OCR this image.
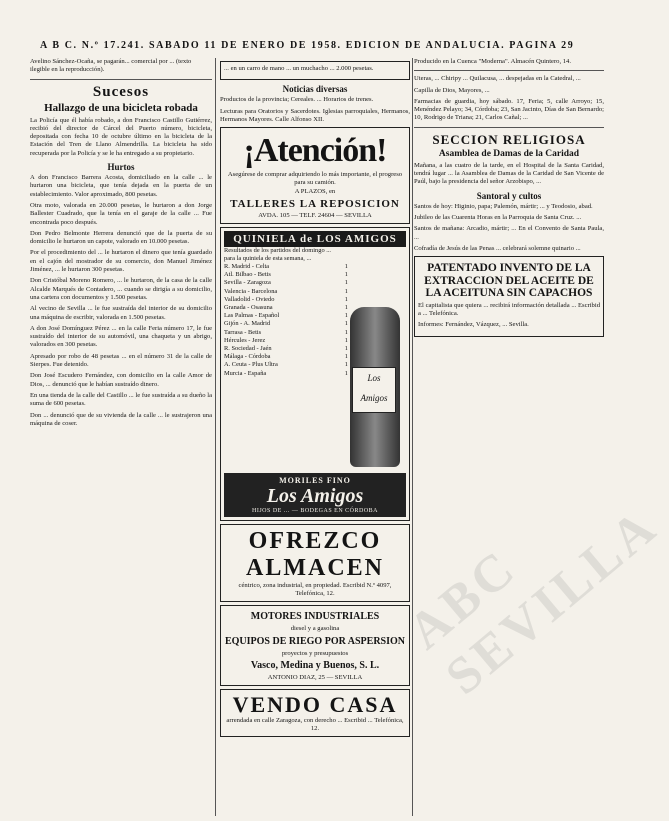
A B C. N.º 17.241. SABADO 11 DE ENERO DE 1958. EDICION DE ANDALUCIA. PAGINA 29

Avelino Sánchez-Ocaña, se pagarán... comercial por ... (texto ilegible en la reproducción).

Sucesos
Hallazgo de una bicicleta robada

La Policía que él había robado, a don Francisco Castillo Gutiérrez, recibió del director de Cárcel del Puerto número, bicicleta, depositada con fecha 10 de octubre último en la bicicleta de la Estación del Tren de Llano Almendrilla. La bicicleta ha sido recuperada por la Policía y se le ha entregado a su propietario.

Hurtos

A don Francisco Barrera Acosta, domiciliado en la calle ... le hurtaron una bicicleta, que tenía dejada en la puerta de un establecimiento. Valor aproximado, 800 pesetas.

Otra moto, valorada en 20.000 pesetas, le hurtaron a don Jorge Ballester Cuadrado, que la tenía en el garaje de la calle ... Fue encontrada poco después.

Don Pedro Belmonte Herrera denunció que de la puerta de su domicilio le hurtaron un capote, valorado en 10.000 pesetas.

Por el procedimiento del ... le hurtaron el dinero que tenía guardado en el cajón del mostrador de su comercio, don Manuel Jiménez Jiménez, ... le hurtaron 300 pesetas.

Don Cristóbal Moreno Romero, ... le hurtaron, de la casa de la calle Alcalde Marqués de Contadero, ... cuando se dirigía a su domicilio, una cartera con documentos y 1.500 pesetas.

Al vecino de Sevilla ... le fue sustraída del interior de su domicilio una máquina de escribir, valorada en 1.500 pesetas.

A don José Domínguez Pérez ... en la calle Feria número 17, le fue sustraído del interior de su automóvil, una chaqueta y un abrigo, valorados en 300 pesetas.

Apresado por robo de 48 pesetas ... en el número 31 de la calle de Sierpes. Fue detenido.

Don José Escudero Fernández, con domicilio en la calle Amor de Dios, ... denunció que le habían sustraído dinero.

En una tienda de la calle del Castillo ... le fue sustraída a su dueño la suma de 600 pesetas.

Don ... denunció que de su vivienda de la calle ... le sustrajeron una máquina de coser.

... en un carro de mano ... un muchacho ... 2.000 pesetas.

Noticias diversas

Productos de la provincia; Cereales. ... Horarios de trenes.

Lecturas para Oratorios y Sacerdotes. Iglesias parroquiales, Hermanos, Hermanos Mayores. Calle Alfonso XII.

¡Atención!
Asegúrese de comprar adquiriendo lo más importante, el progreso para su camión.
A PLAZOS, en
TALLERES LA REPOSICION
AVDA. 105 — TELF. 24604 — SEVILLA
QUINIELA de LOS AMIGOS
Resultados de los partidos del domingo ... para la quiniela de esta semana, ...
R. Madrid - Celta	1
Atl. Bilbao - Betis	1
Sevilla - Zaragoza	1
Valencia - Barcelona	1
Valladolid - Oviedo	1
Granada - Osasuna	1
Las Palmas - Español	1
Gijón - A. Madrid	1
Tarrasa - Betis	1
Hércules - Jerez	1
R. Sociedad - Jaén	1
Málaga - Córdoba	1
A. Ceuta - Plus Ultra	1
Murcia - España	1	Los Amigos
MORILES FINO
Los Amigos
HIJOS DE ... — BODEGAS EN CÓRDOBA
OFREZCO
ALMACEN
céntrico, zona industrial, en propiedad. Escribid N.º 4097, Telefónica, 12.
MOTORES INDUSTRIALES
diesel y a gasolina
EQUIPOS DE RIEGO POR ASPERSION
proyectos y presupuestos
Vasco, Medina y Buenos, S. L.
ANTONIO DIAZ, 25 — SEVILLA
VENDO CASA
arrendada en calle Zaragoza, con derecho ... Escribid ... Telefónica, 12.

Producido en la Cuenca "Moderna". Almacén Quintero, 14.

Uteras, ... Chiripy ... Quilacusa, ... despejadas en la Catedral, ...

Capilla de Dios, Mayores, ...

Farmacias de guardia, hoy sábado. 17, Feria; 5, calle Arroyo; 15, Menéndez Pelayo; 34, Córdoba; 23, San Jacinto, Días de San Bernardo; 10, Rodrigo de Triana; 21, Carlos Cañal; ...

SECCION RELIGIOSA
Asamblea de Damas de la Caridad

Mañana, a las cuatro de la tarde, en el Hospital de la Santa Caridad, tendrá lugar ... la Asamblea de Damas de la Caridad de San Vicente de Paúl, bajo la presidencia del señor Arzobispo, ...

Santoral y cultos

Santos de hoy: Higinio, papa; Palemón, mártir; ... y Teodosio, abad.

Jubileo de las Cuarenta Horas en la Parroquia de Santa Cruz. ...

Santos de mañana: Arcadio, mártir; ... En el Convento de Santa Paula, ...

Cofradía de Jesús de las Penas ... celebrará solemne quinario ...

PATENTADO INVENTO DE LA EXTRACCION DEL ACEITE DE LA ACEITUNA SIN CAPACHOS

El capitalista que quiera ... recibirá información detallada ... Escribid a ... Telefónica.

Informes: Fernández, Vázquez, ... Sevilla.

ABC SEVILLA
